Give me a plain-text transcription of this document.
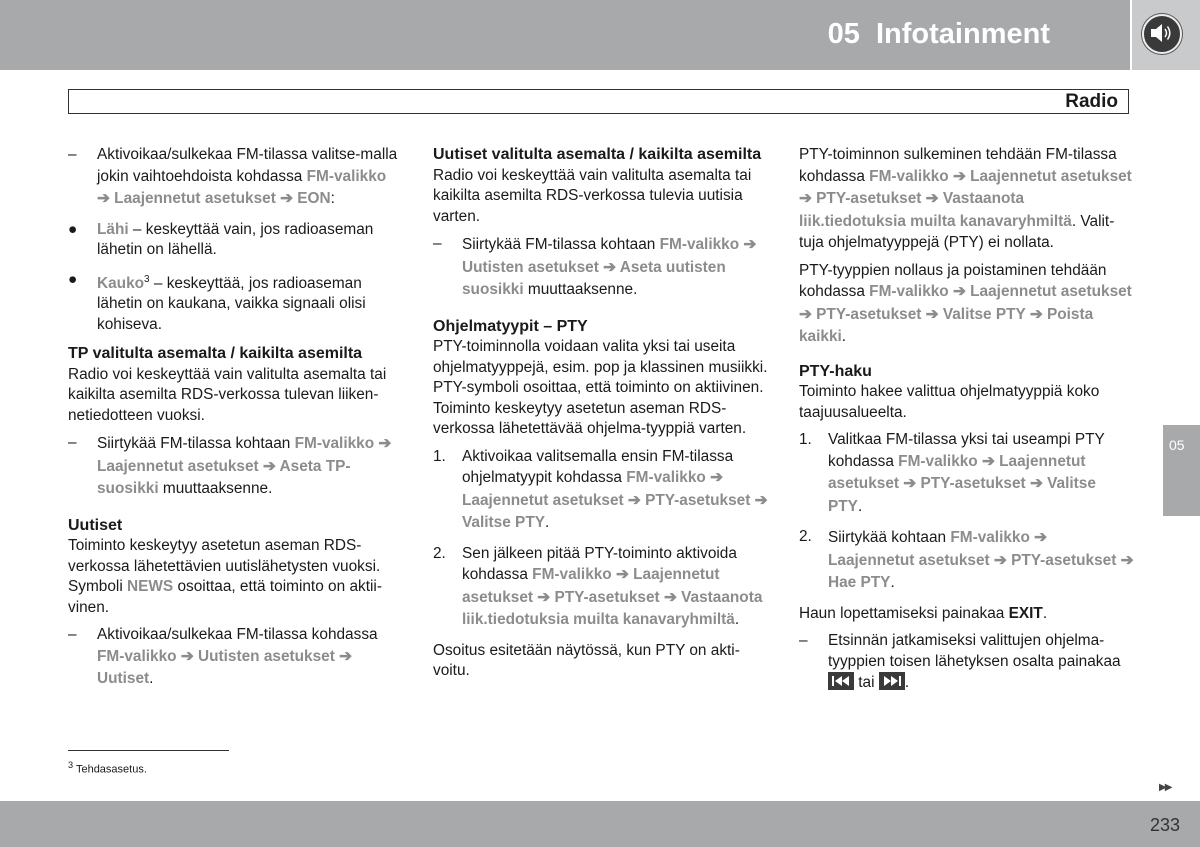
05 Infotainment
Radio
– Aktivoikaa/sulkekaa FM-tilassa valitse-malla jokin vaihtoehdoista kohdassa FM-valikko ➔ Laajennetut asetukset ➔ EON:
● Lähi – keskeyttää vain, jos radioaseman lähetin on lähellä.
● Kauko$^3$ – keskeyttää, jos radioaseman lähetin on kaukana, vaikka signaali olisi kohiseva.

TP valitulta asemalta / kaikilta asemilta

Radio voi keskeyttää vain valitulta asemalta tai kaikilta asemilta RDS-verkossa tulevan liiken-netiedotteen vuoksi.

– Siirtykää FM-tilassa kohtaan FM-valikko ➔ Laajennetut asetukset ➔ Aseta TP-suosikki muuttaaksenne.

Uutiset

Toiminto keskeytyy asetetun aseman RDS-verkossa lähetettävien uutislähetysten vuoksi. Symboli NEWS osoittaa, että toiminto on aktii-vinen.

– Aktivoikaa/sulkekaa FM-tilassa kohdassa FM-valikko ➔ Uutisten asetukset ➔ Uutiset.

Uutiset valitulta asemalta / kaikilta asemilta

Radio voi keskeyttää vain valitulta asemalta tai kaikilta asemilta RDS-verkossa tulevia uutisia varten.

– Siirtykää FM-tilassa kohtaan FM-valikko ➔ Uutisten asetukset ➔ Aseta uutisten suosikki muuttaaksenne.

Ohjelmatyypit – PTY

PTY-toiminnolla voidaan valita yksi tai useita ohjelmatyyppejä, esim. pop ja klassinen musiikki. PTY-symboli osoittaa, että toiminto on aktiivinen. Toiminto keskeytyy asetetun aseman RDS-verkossa lähetettävää ohjelma-tyyppiä varten.

1. Aktivoikaa valitsemalla ensin FM-tilassa ohjelmatyypit kohdassa FM-valikko ➔ Laajennetut asetukset ➔ PTY-asetukset ➔ Valitse PTY.
2. Sen jälkeen pitää PTY-toiminto aktivoida kohdassa FM-valikko ➔ Laajennetut asetukset ➔ PTY-asetukset ➔ Vastaanota liik.tiedotuksia muilta kanavaryhmiltä.

Osoitus esitetään näytössä, kun PTY on akti-voitu.

PTY-toiminnon sulkeminen tehdään FM-tilassa kohdassa FM-valikko ➔ Laajennetut asetukset ➔ PTY-asetukset ➔ Vastaanota liik.tiedotuksia muilta kanavaryhmiltä. Valit-tuja ohjelmatyyppejä (PTY) ei nollata.

PTY-tyyppien nollaus ja poistaminen tehdään kohdassa FM-valikko ➔ Laajennetut asetukset ➔ PTY-asetukset ➔ Valitse PTY ➔ Poista kaikki.

PTY-haku

Toiminto hakee valittua ohjelmatyyppiä koko taajuusalueelta.

1. Valitkaa FM-tilassa yksi tai useampi PTY kohdassa FM-valikko ➔ Laajennetut asetukset ➔ PTY-asetukset ➔ Valitse PTY.
2. Siirtykää kohtaan FM-valikko ➔ Laajennetut asetukset ➔ PTY-asetukset ➔ Hae PTY.

Haun lopettamiseksi painakaa EXIT.

– Etsinnän jatkamiseksi valittujen ohjelma-tyyppien toisen lähetyksen osalta painakaa
tai
.
05
$^3$ Tehdasasetus.
▶▶
233
